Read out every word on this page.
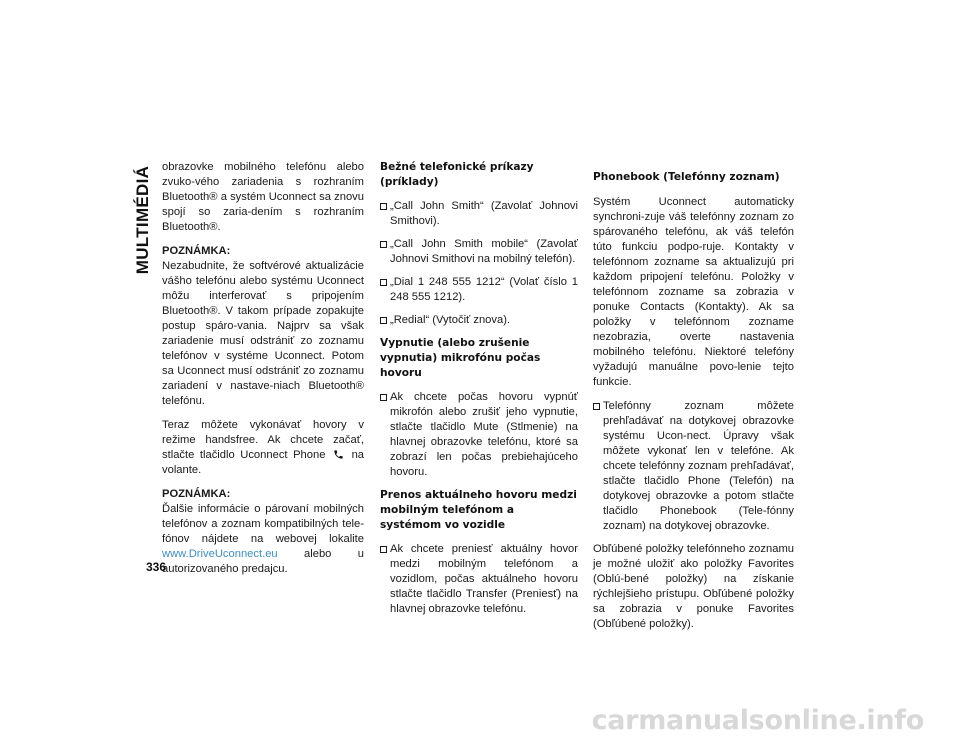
MULTIMÉDIÁ obrazovke mobilného telefónu alebo zvuko-vého zariadenia s rozhraním Bluetooth® a systém Uconnect sa znovu spojí so zaria-dením s rozhraním Bluetooth®.

POZNÁMKA:
Nezabudnite, že softvérové aktualizácie vášho telefónu alebo systému Uconnect môžu interferovať s pripojením Bluetooth®. V takom prípade zopakujte postup spáro-vania. Najprv sa však zariadenie musí odstrániť zo zoznamu telefónov v systéme Uconnect. Potom sa Uconnect musí odstrániť zo zoznamu zariadení v nastave-niach Bluetooth® telefónu.

Teraz môžete vykonávať hovory v režime handsfree. Ak chcete začať, stlačte tlačidlo Uconnect Phone na volante.

POZNÁMKA:
Ďalšie informácie o párovaní mobilných telefónov a zoznam kompatibilných tele-fónov nájdete na webovej lokalite www.DriveUconnect.eu alebo u autorizovaného predajcu.

Bežné telefonické príkazy (príklady)
„Call John Smith“ (Zavolať Johnovi Smithovi).
„Call John Smith mobile“ (Zavolať Johnovi Smithovi na mobilný telefón).
„Dial 1 248 555 1212“ (Volať číslo 1 248 555 1212).
„Redial“ (Vytočiť znova).
Vypnutie (alebo zrušenie vypnutia) mikrofónu počas hovoru
Ak chcete počas hovoru vypnúť mikrofón alebo zrušiť jeho vypnutie, stlačte tlačidlo Mute (Stlmenie) na hlavnej obrazovke telefónu, ktoré sa zobrazí len počas prebiehajúceho hovoru.
Prenos aktuálneho hovoru medzi mobilným telefónom a systémom vo vozidle
Ak chcete preniesť aktuálny hovor medzi mobilným telefónom a vozidlom, počas aktuálneho hovoru stlačte tlačidlo Transfer (Preniesť) na hlavnej obrazovke telefónu.
Phonebook (Telefónny zoznam)

Systém Uconnect automaticky synchroni-zuje váš telefónny zoznam zo spárovaného telefónu, ak váš telefón túto funkciu podpo-ruje. Kontakty v telefónnom zozname sa aktualizujú pri každom pripojení telefónu. Položky v telefónnom zozname sa zobrazia v ponuke Contacts (Kontakty). Ak sa položky v telefónnom zozname nezobrazia, overte nastavenia mobilného telefónu. Niektoré telefóny vyžadujú manuálne povo-lenie tejto funkcie.

Telefónny zoznam môžete prehľadávať na dotykovej obrazovke systému Ucon-nect. Úpravy však môžete vykonať len v telefóne. Ak chcete telefónny zoznam prehľadávať, stlačte tlačidlo Phone (Telefón) na dotykovej obrazovke a potom stlačte tlačidlo Phonebook (Tele-fónny zoznam) na dotykovej obrazovke.

Obľúbené položky telefónneho zoznamu je možné uložiť ako položky Favorites (Oblú-bené položky) na získanie rýchlejšieho prístupu. Obľúbené položky sa zobrazia v ponuke Favorites (Obľúbené položky).

336
carmanualsonline.info
